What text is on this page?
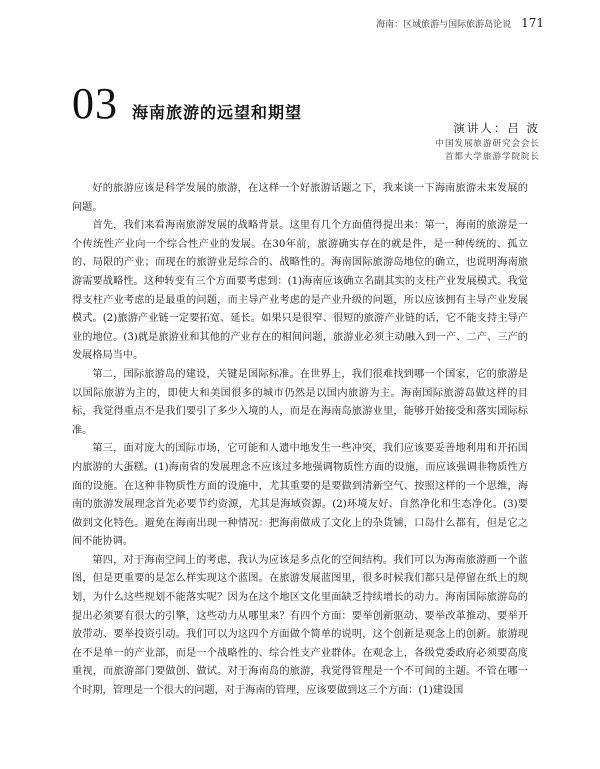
海南：区域旅游与国际旅游岛论说 171
03 海南旅游的远望和期望
演讲人：吕 波
中国发展旅游研究会会长
首都大学旅游学院院长

好的旅游应该是科学发展的旅游，在这样一个好旅游话题之下，我来谈一下海南旅游未来发展的问题。

首先，我们来看海南旅游发展的战略背景。这里有几个方面值得提出来：第一，海南的旅游是一个传统性产业向一个综合性产业的发展。在30年前，旅游确实存在的就是件，是一种传统的、孤立的、局限的产业；而现在的旅游业是综合的、战略性的。海南国际旅游岛地位的确立，也说明海南旅游需要战略性。这种转变有三个方面要考虑到：(1)海南应该确立名副其实的支柱产业发展模式。我觉得支柱产业考虑的是最重的问题，而主导产业考虑的是产业升级的问题，所以应该拥有主导产业发展模式。(2)旅游产业链一定要拓宽、延长。如果只是很窄、很短的旅游产业链的话，它不能支持主导产业的地位。(3)就是旅游业和其他的产业存在的相间问题，旅游业必须主动融入到一产、二产、三产的发展格局当中。

第二，国际旅游岛的建设，关键是国际标准。在世界上，我们很难找到哪一个国家，它的旅游是以国际旅游为主的，即使大和美国很多的城市仍然是以国内旅游为主。海南国际旅游岛做这样的目标，我觉得重点不是我们要引了多少入境的人，而是在海南岛旅游业里，能够开始接受和落实国际标准。

第三，面对庞大的国际市场，它可能和人遗中地发生一些冲突，我们应该要妥善地利用和开拓国内旅游的大蛋糕。(1)海南省的发展理念不应该过多地强调物质性方面的设施，而应该强调非物质性方面的设施。在这种非物质性方面的设施中，尤其重要的是要做到清新空气、按照这样的一个思维，海南的旅游发展理念首先必要节约资源，尤其是海域资源。(2)环境友好、自然净化和生态净化。(3)要做到文化特色。避免在海南出现一种情况：把海南做成了文化上的杂货铺，口岛什么都有，但是它之间不能协调。

第四，对于海南空间上的考虑，我认为应该是多点化的空间结构。我们可以为海南旅游画一个蓝图，但是更重要的是怎么样实现这个蓝图。在旅游发展蓝图里，很多时候我们都只是停留在纸上的规划，为什么这些规划不能落实呢？因为在这个地区文化里面缺乏持续增长的动力。海南国际旅游岛的提出必须要有很大的引擎，这些动力从哪里来？有四个方面：要举创新驱动、要举改革推动、要举开放带动、要举投资引动。我们可以为这四个方面做个简单的说明，这个创新是观念上的创新。旅游现在不是单一的产业部，而是一个战略性的、综合性支产业群体。在观念上，各级党委政府必须要高度重视，而旅游部门要做创、做试。对于海南岛的旅游，我觉得管理是一个不可间的主题。不管在哪一个时期，管理是一个很大的问题，对于海南的管理，应该要做到这三个方面：(1)建设国
